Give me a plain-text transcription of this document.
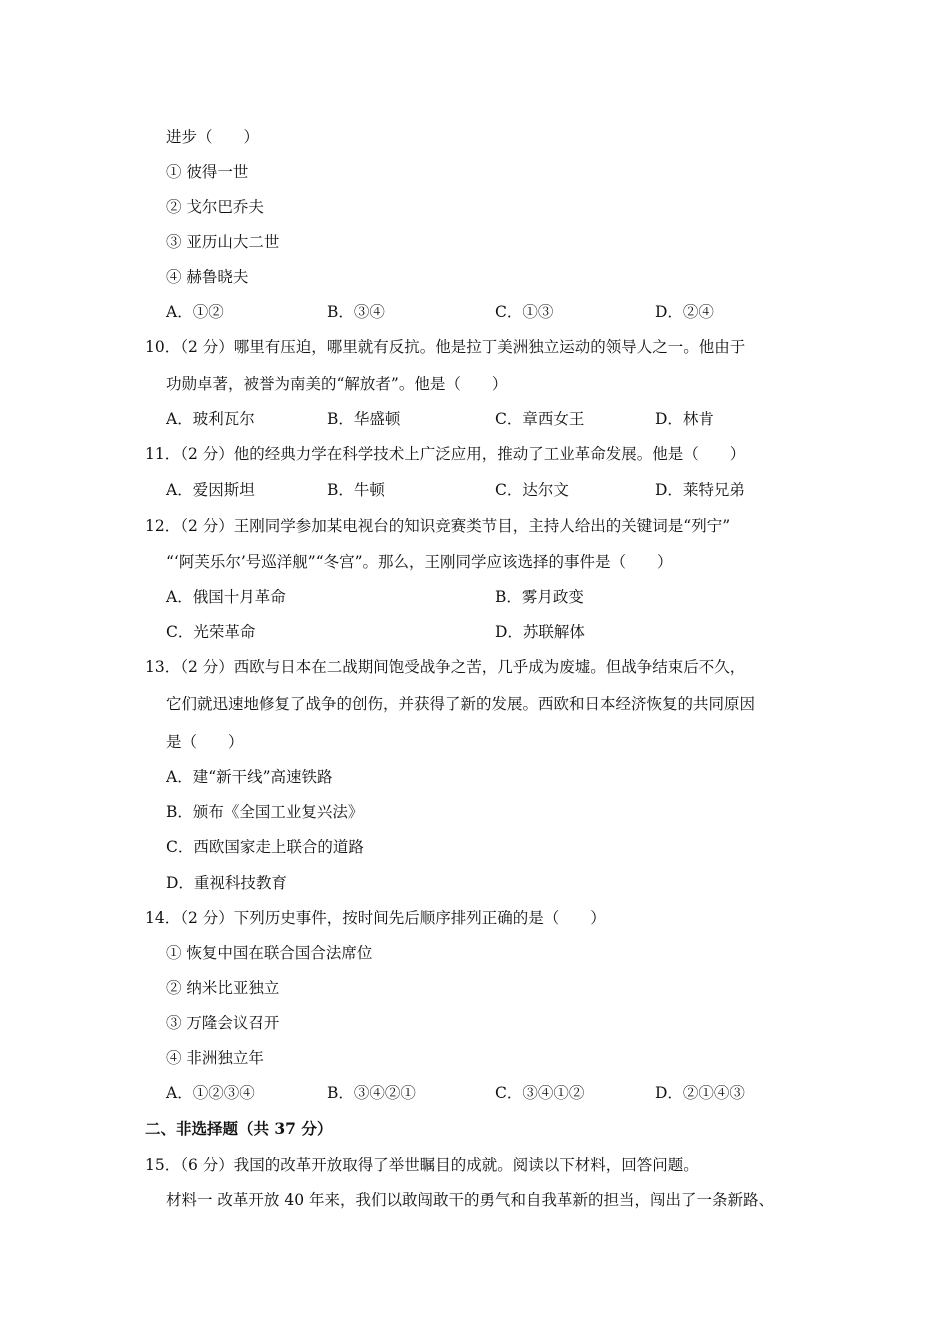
进步（　　）
① 彼得一世
② 戈尔巴乔夫
③ 亚历山大二世
④ 赫鲁晓夫
A．①②	B．③④	C．①③	D．②④
10．（2 分）哪里有压迫，哪里就有反抗。他是拉丁美洲独立运动的领导人之一。他由于
功勋卓著，被誉为南美的“解放者”。他是（　　）
A．玻利瓦尔	B．华盛顿	C．章西女王	D．林肯
11．（2 分）他的经典力学在科学技术上广泛应用，推动了工业革命发展。他是（　　）
A．爱因斯坦	B．牛顿	C．达尔文	D．莱特兄弟
12．（2 分）王刚同学参加某电视台的知识竞赛类节目，主持人给出的关键词是“列宁”
“‘阿芙乐尔’号巡洋舰”“冬宫”。那么，王刚同学应该选择的事件是（　　）
A．俄国十月革命	B．雾月政变
C．光荣革命	D．苏联解体
13．（2 分）西欧与日本在二战期间饱受战争之苦，几乎成为废墟。但战争结束后不久，
它们就迅速地修复了战争的创伤，并获得了新的发展。西欧和日本经济恢复的共同原因
是（　　）
A．建“新干线”高速铁路
B．颁布《全国工业复兴法》
C．西欧国家走上联合的道路
D．重视科技教育
14．（2 分）下列历史事件，按时间先后顺序排列正确的是（　　）
① 恢复中国在联合国合法席位
② 纳米比亚独立
③ 万隆会议召开
④ 非洲独立年
A．①②③④	B．③④②①	C．③④①②	D．②①④③
二、非选择题（共 37 分）
15．（6 分）我国的改革开放取得了举世瞩目的成就。阅读以下材料，回答问题。
材料一 改革开放 40 年来，我们以敢闯敢干的勇气和自我革新的担当，闯出了一条新路、
